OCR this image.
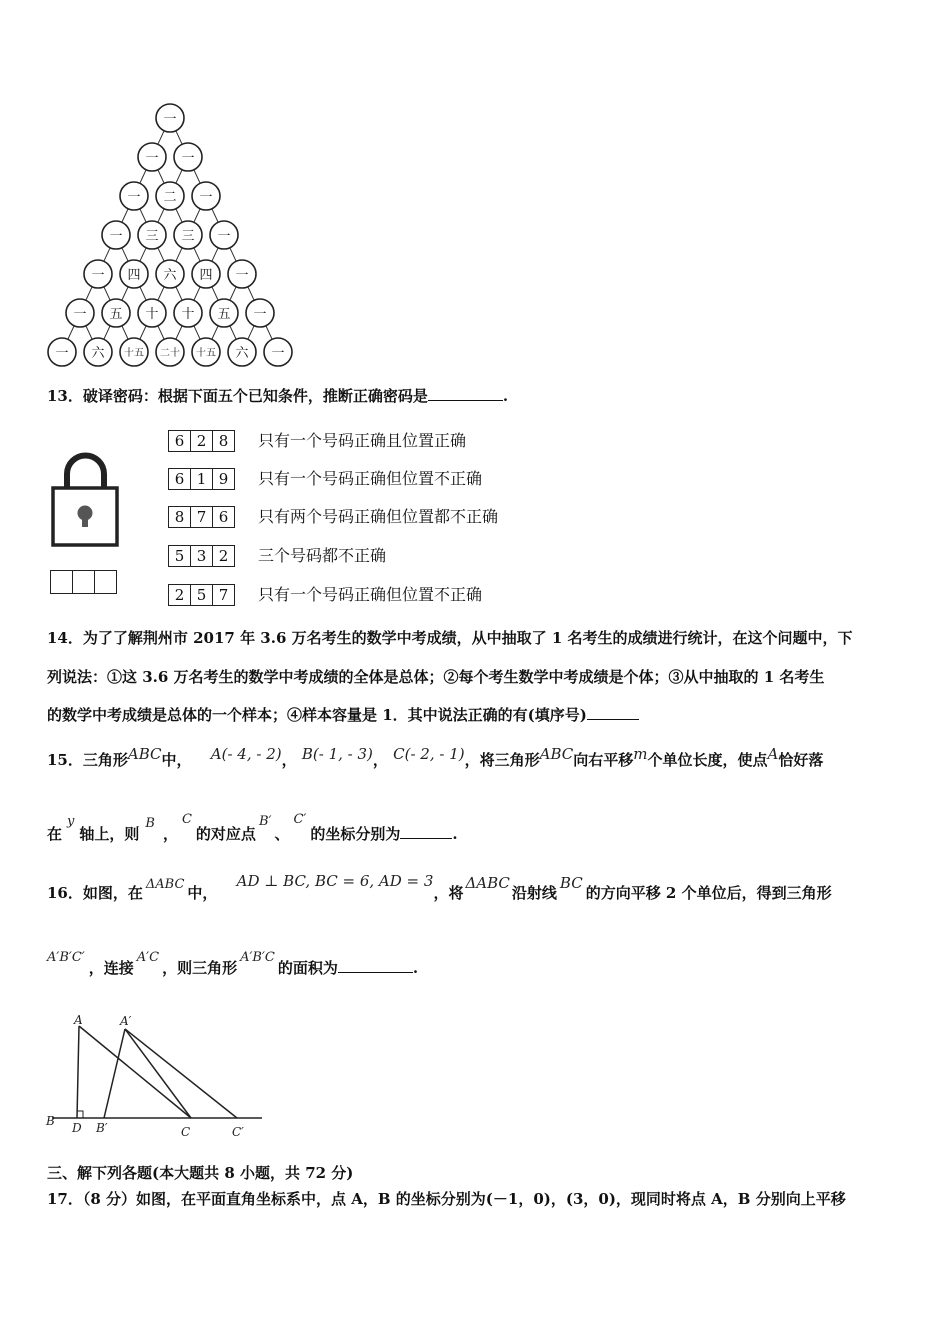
一
一 一
一 二 一
一 三 三 一
一 四 六 四 一
一 五 十 十 五 一
一 六 十五 二十 十五 六 一
13．破译密码：根据下面五个已知条件，推断正确密码是	.
6 2 8	只有一个号码正确且位置正确
6 1 9	只有一个号码正确但位置不正确
8 7 6	只有两个号码正确但位置都不正确
5 3 2	三个号码都不正确
2 5 7	只有一个号码正确但位置不正确
14．为了了解荆州市 2017 年 3.6 万名考生的数学中考成绩，从中抽取了 1 名考生的成绩进行统计，在这个问题中，下
列说法：①这 3.6 万名考生的数学中考成绩的全体是总体；②每个考生数学中考成绩是个体；③从中抽取的 1 名考生
的数学中考成绩是总体的一个样本；④样本容量是 1．其中说法正确的有(填序号)
15．三角形ABC中， A(- 4, - 2)， B(- 1, - 3)， C(- 2, - 1)，将三角形ABC向右平移m个单位长度，使点A恰好落
在y轴上，则B，C的对应点B′、C′的坐标分别为	.
16．如图，在 ΔABC 中， AD ⊥ BC, BC = 6, AD = 3，将ΔABC沿射线BC的方向平移 2 个单位后，得到三角形
A′B′C′，连接A′C，则三角形A′B′C的面积为	.
A	A′
B D B′	C	C′
三、解下列各题(本大题共 8 小题，共 72 分)
17．（8 分）如图，在平面直角坐标系中，点 A，B 的坐标分别为(－1，0)，(3，0)，现同时将点 A，B 分别向上平移
